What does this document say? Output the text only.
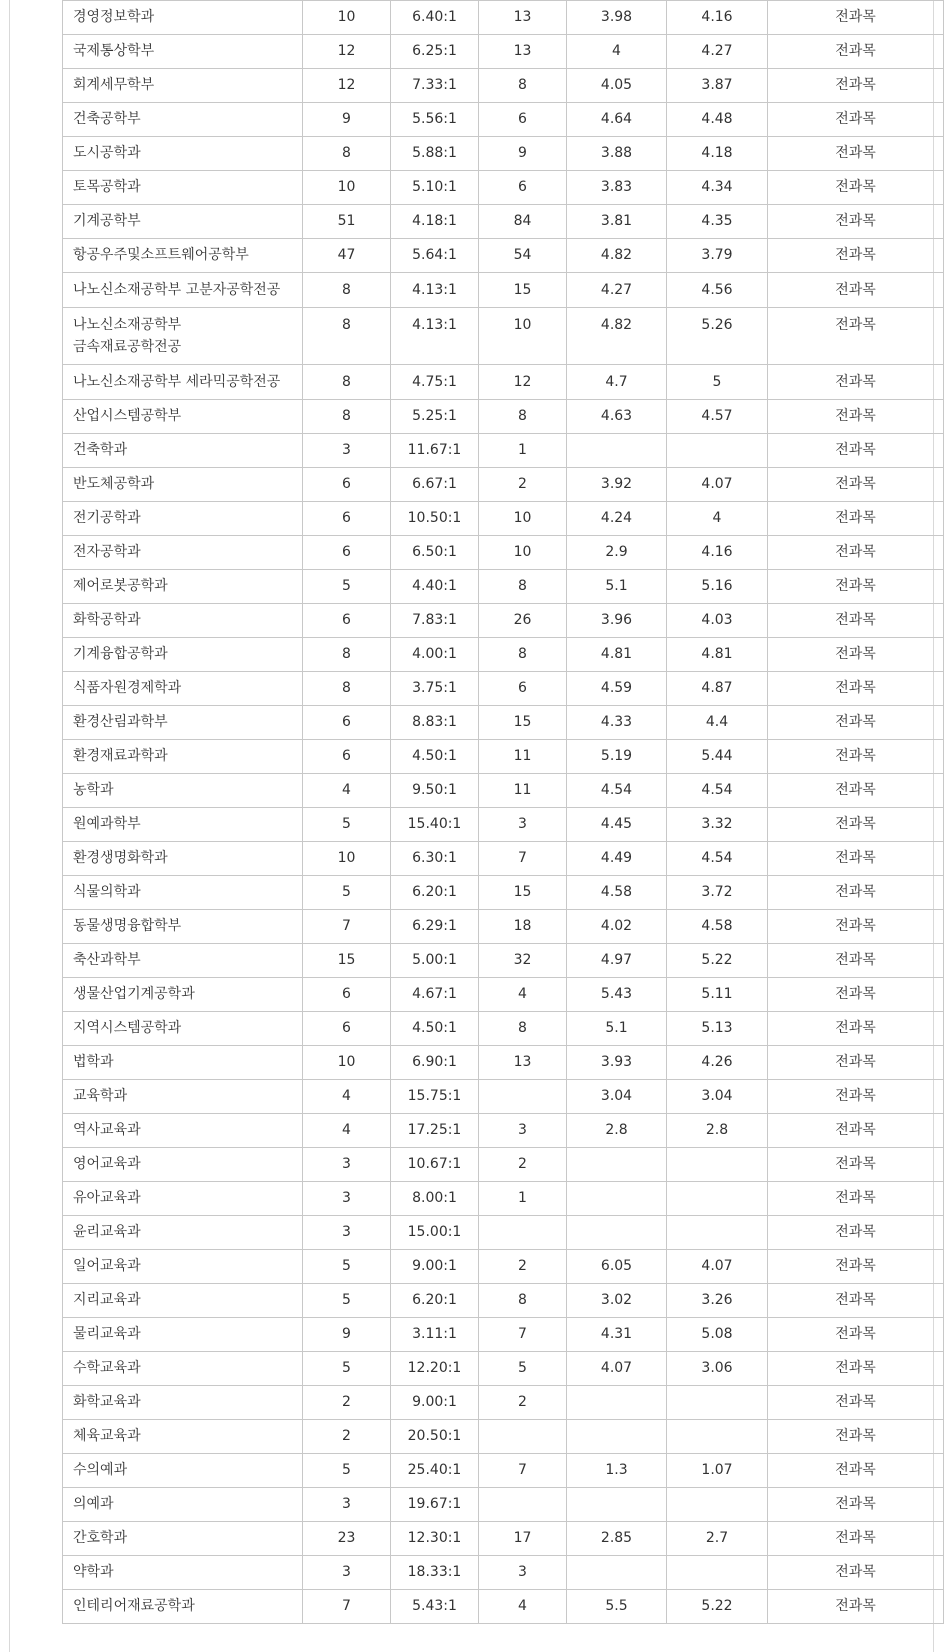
경영정보학과	10	6.40:1	13	3.98	4.16	전과목
국제통상학부	12	6.25:1	13	4	4.27	전과목
회계세무학부	12	7.33:1	8	4.05	3.87	전과목
건축공학부	9	5.56:1	6	4.64	4.48	전과목
도시공학과	8	5.88:1	9	3.88	4.18	전과목
토목공학과	10	5.10:1	6	3.83	4.34	전과목
기계공학부	51	4.18:1	84	3.81	4.35	전과목
항공우주및소프트웨어공학부	47	5.64:1	54	4.82	3.79	전과목
나노신소재공학부 고분자공학전공	8	4.13:1	15	4.27	4.56	전과목
나노신소재공학부 금속재료공학전공	8	4.13:1	10	4.82	5.26	전과목
나노신소재공학부 세라믹공학전공	8	4.75:1	12	4.7	5	전과목
산업시스템공학부	8	5.25:1	8	4.63	4.57	전과목
건축학과	3	11.67:1	1			전과목
반도체공학과	6	6.67:1	2	3.92	4.07	전과목
전기공학과	6	10.50:1	10	4.24	4	전과목
전자공학과	6	6.50:1	10	2.9	4.16	전과목
제어로봇공학과	5	4.40:1	8	5.1	5.16	전과목
화학공학과	6	7.83:1	26	3.96	4.03	전과목
기계융합공학과	8	4.00:1	8	4.81	4.81	전과목
식품자원경제학과	8	3.75:1	6	4.59	4.87	전과목
환경산림과학부	6	8.83:1	15	4.33	4.4	전과목
환경재료과학과	6	4.50:1	11	5.19	5.44	전과목
농학과	4	9.50:1	11	4.54	4.54	전과목
원예과학부	5	15.40:1	3	4.45	3.32	전과목
환경생명화학과	10	6.30:1	7	4.49	4.54	전과목
식물의학과	5	6.20:1	15	4.58	3.72	전과목
동물생명융합학부	7	6.29:1	18	4.02	4.58	전과목
축산과학부	15	5.00:1	32	4.97	5.22	전과목
생물산업기계공학과	6	4.67:1	4	5.43	5.11	전과목
지역시스템공학과	6	4.50:1	8	5.1	5.13	전과목
법학과	10	6.90:1	13	3.93	4.26	전과목
교육학과	4	15.75:1		3.04	3.04	전과목
역사교육과	4	17.25:1	3	2.8	2.8	전과목
영어교육과	3	10.67:1	2			전과목
유아교육과	3	8.00:1	1			전과목
윤리교육과	3	15.00:1				전과목
일어교육과	5	9.00:1	2	6.05	4.07	전과목
지리교육과	5	6.20:1	8	3.02	3.26	전과목
물리교육과	9	3.11:1	7	4.31	5.08	전과목
수학교육과	5	12.20:1	5	4.07	3.06	전과목
화학교육과	2	9.00:1	2			전과목
체육교육과	2	20.50:1				전과목
수의예과	5	25.40:1	7	1.3	1.07	전과목
의예과	3	19.67:1				전과목
간호학과	23	12.30:1	17	2.85	2.7	전과목
약학과	3	18.33:1	3			전과목
인테리어재료공학과	7	5.43:1	4	5.5	5.22	전과목
